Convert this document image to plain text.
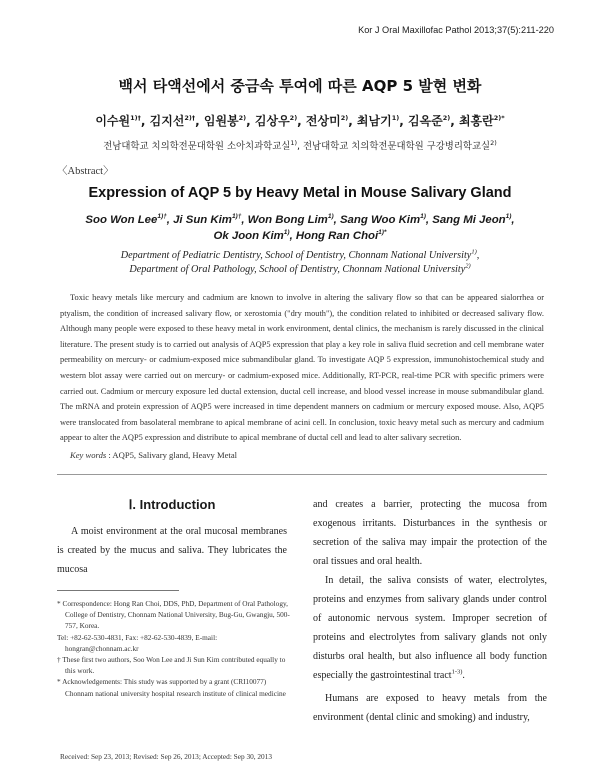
Kor J Oral Maxillofac Pathol 2013;37(5):211-220
백서 타액선에서 중금속 투여에 따른 AQP 5 발현 변화
이수원$^{1)\dagger}$, 김지선$^{2)\dagger}$, 임원봉$^{2)}$, 김상우$^{2)}$, 전상미$^{2)}$, 최남기$^{1)}$, 김옥준$^{2)}$, 최홍란$^{2)*}$
전남대학교 치의학전문대학원 소아치과학교실$^{1)}$, 전남대학교 치의학전문대학원 구강병리학교실$^{2)}$
〈Abstract〉
Expression of AQP 5 by Heavy Metal in Mouse Salivary Gland
Soo Won Lee$^{1)\dagger}$, Ji Sun Kim$^{1)\dagger}$, Won Bong Lim$^{1)}$, Sang Woo Kim$^{1)}$, Sang Mi Jeon$^{1)}$,
Ok Joon Kim$^{1)}$, Hong Ran Choi$^{1)*}$
Department of Pediatric Dentistry, School of Dentistry, Chonnam National University$^{1)}$,
Department of Oral Pathology, School of Dentistry, Chonnam National University$^{2)}$

Toxic heavy metals like mercury and cadmium are known to involve in altering the salivary flow so that can be appeared sialorrhea or ptyalism, the condition of increased salivary flow, or xerostomia ("dry mouth"), the condition related to inhibited or decreased salivary flow. Although many people were exposed to these heavy metal in work environment, dental clinics, the mechanism is rarely discussed in the clinical literature. The present study is to carried out analysis of AQP5 expression that play a key role in saliva fluid secretion and cell membrane water permeability on mercury- or cadmium-exposed mice submandibular gland. To investigate AQP 5 expression, immunohistochemical study and western blot assay were carried out on mercury- or cadmium-exposed mice. Additionally, RT-PCR, real-time PCR with specific primers were carried out. Cadmium or mercury exposure led ductal extension, ductal cell increase, and blood vessel increase in mouse submandibular gland. The mRNA and protein expression of AQP5 were increased in time dependent manners on cadmium or mercury exposed mouse. Also, AQP5 were translocated from basolateral membrane to apical membrane of acini cell. In conclusion, toxic heavy metal such as mercury and cadmium appear to alter the AQP5 expression and distribute to apical membrane of ductal cell and lead to alter salivary secretion.

Key words : AQP5, Salivary gland, Heavy Metal
Ⅰ. Introduction

A moist environment at the oral mucosal membranes is created by the mucus and saliva. They lubricates the mucosa

* Correspondence: Hong Ran Choi, DDS, PhD, Department of Oral Pathology, College of Dentistry, Chonnam National University, Bug-Gu, Gwangju, 500-757, Korea.

Tel: +82-62-530-4831, Fax: +82-62-530-4839, E-mail: hongran@chonnam.ac.kr

† These first two authors, Soo Won Lee and Ji Sun Kim contributed equally to this work.

* Acknowledgements: This study was supported by a grant (CRI10077) Chonnam national university hospital research institute of clinical medicine

Received: Sep 23, 2013; Revised: Sep 26, 2013; Accepted: Sep 30, 2013

and creates a barrier, protecting the mucosa from exogenous irritants. Disturbances in the synthesis or secretion of the saliva may impair the protection of the oral tissues and oral health.

In detail, the saliva consists of water, electrolytes, proteins and enzymes from salivary glands under control of autonomic nervous system. Improper secretion of proteins and electrolytes from salivary glands not only disturbs oral health, but also influence all body function especially the gastrointestinal tract$^{1-3)}$.

Humans are exposed to heavy metals from the environment (dental clinic and smoking) and industry,
